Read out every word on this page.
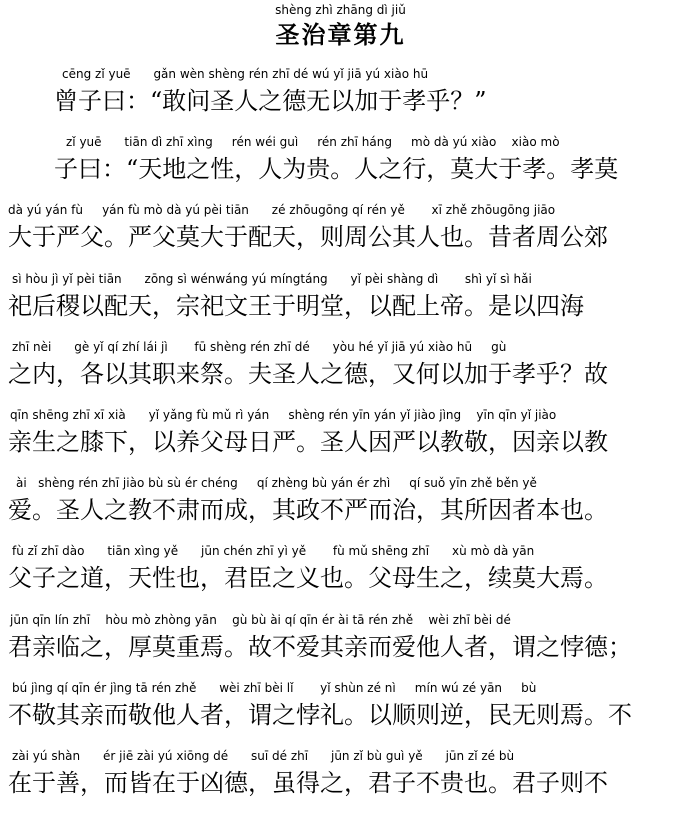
shèng zhì zhāng dì jiǔ
圣治章第九
cēng zǐ yuē      gǎn wèn shèng rén zhī dé wú yǐ jiā yú xiào hū
曾子曰：“敢问圣人之德无以加于孝乎？”
zǐ yuē      tiān dì zhī xìng     rén wéi guì     rén zhī háng     mò dà yú xiào    xiào mò
子曰：“天地之性，人为贵。人之行，莫大于孝。孝莫
dà yú yán fù     yán fù mò dà yú pèi tiān      zé zhōugōng qí rén yě       xī zhě zhōugōng jiāo
大于严父。严父莫大于配天，则周公其人也。昔者周公郊
sì hòu jì yǐ pèi tiān      zōng sì wénwáng yú míngtáng      yǐ pèi shàng dì       shì yǐ sì hǎi
祀后稷以配天，宗祀文王于明堂，以配上帝。是以四海
zhī nèi      gè yǐ qí zhí lái jì       fū shèng rén zhī dé      yòu hé yǐ jiā yú xiào hū     gù
之内，各以其职来祭。夫圣人之德，又何以加于孝乎？故
qīn shēng zhī xī xià      yǐ yǎng fù mǔ rì yán     shèng rén yīn yán yǐ jiào jìng    yīn qīn yǐ jiào
亲生之膝下，以养父母日严。圣人因严以教敬，因亲以教
ài   shèng rén zhī jiào bù sù ér chéng     qí zhèng bù yán ér zhì     qí suǒ yīn zhě běn yě
爱。圣人之教不肃而成，其政不严而治，其所因者本也。
fù zǐ zhī dào      tiān xìng yě      jūn chén zhī yì yě       fù mǔ shēng zhī      xù mò dà yān
父子之道，天性也，君臣之义也。父母生之，续莫大焉。
jūn qīn lín zhī    hòu mò zhòng yān    gù bù ài qí qīn ér ài tā rén zhě    wèi zhī bèi dé
君亲临之，厚莫重焉。故不爱其亲而爱他人者，谓之悖德；
bú jìng qí qīn ér jìng tā rén zhě      wèi zhī bèi lǐ       yǐ shùn zé nì     mín wú zé yān     bù
不敬其亲而敬他人者，谓之悖礼。以顺则逆，民无则焉。不
zài yú shàn      ér jiē zài yú xiōng dé      suī dé zhī      jūn zǐ bù guì yě      jūn zǐ zé bù
在于善，而皆在于凶德，虽得之，君子不贵也。君子则不
